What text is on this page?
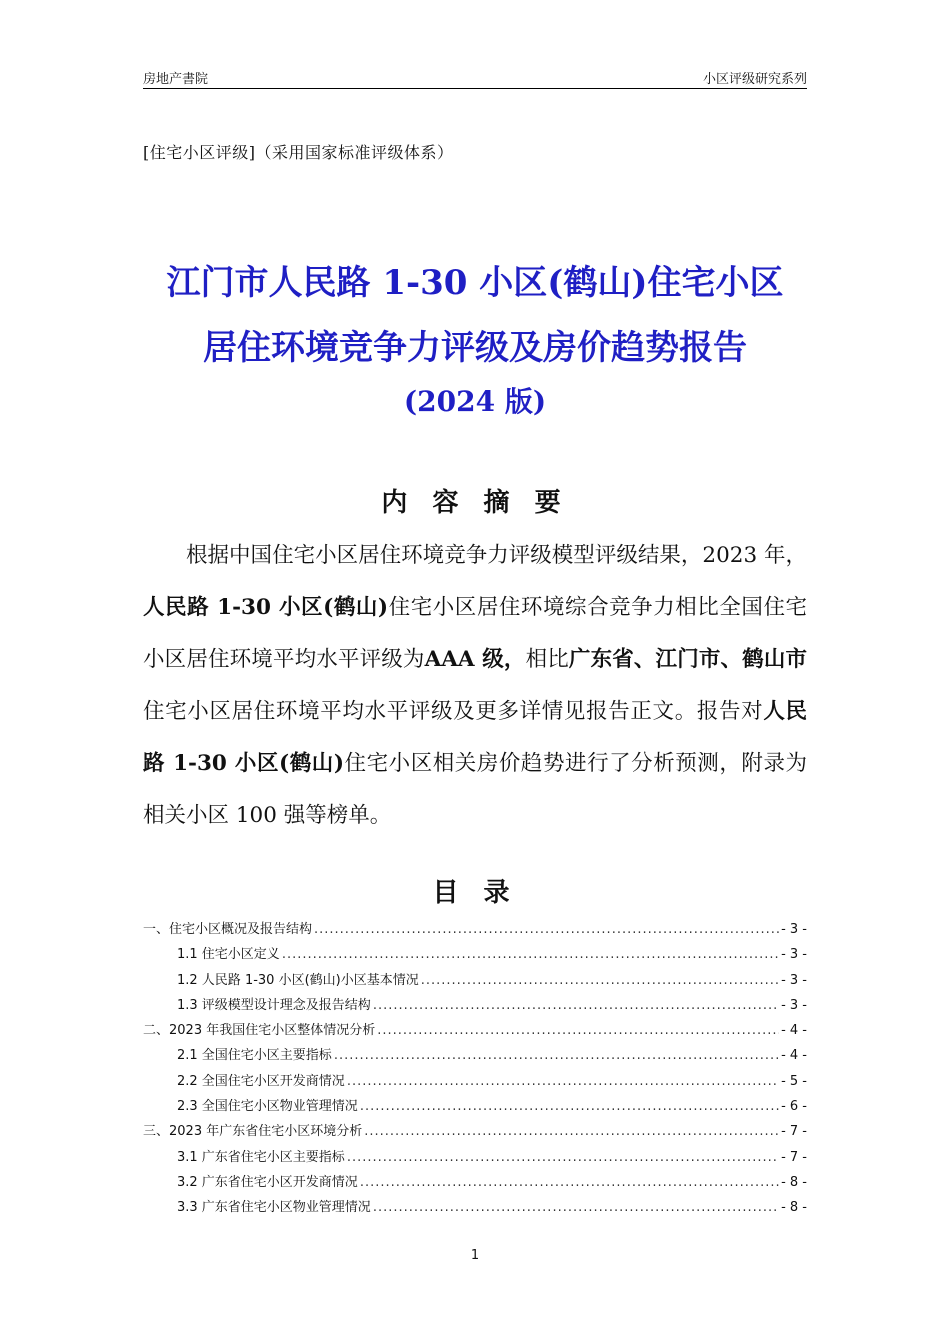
房地产書院	小区评级研究系列
[住宅小区评级]（采用国家标准评级体系）
江门市人民路 1-30 小区(鹤山)住宅小区
居住环境竞争力评级及房价趋势报告
(2024 版)
内 容 摘 要

根据中国住宅小区居住环境竞争力评级模型评级结果，2023 年，人民路 1-30 小区(鹤山)住宅小区居住环境综合竞争力相比全国住宅小区居住环境平均水平评级为AAA 级，相比广东省、江门市、鹤山市住宅小区居住环境平均水平评级及更多详情见报告正文。报告对人民路 1-30 小区(鹤山)住宅小区相关房价趋势进行了分析预测，附录为相关小区 100 强等榜单。

目 录
一、住宅小区概况及报告结构 .....	- 3 -
1.1 住宅小区定义 .....	- 3 -
1.2 人民路 1-30 小区(鹤山)小区基本情况 .....	- 3 -
1.3 评级模型设计理念及报告结构 .....	- 3 -
二、2023 年我国住宅小区整体情况分析 .....	- 4 -
2.1 全国住宅小区主要指标 .....	- 4 -
2.2 全国住宅小区开发商情况 .....	- 5 -
2.3 全国住宅小区物业管理情况 .....	- 6 -
三、2023 年广东省住宅小区环境分析 .....	- 7 -
3.1 广东省住宅小区主要指标 .....	- 7 -
3.2 广东省住宅小区开发商情况 .....	- 8 -
3.3 广东省住宅小区物业管理情况 .....	- 8 -
1
